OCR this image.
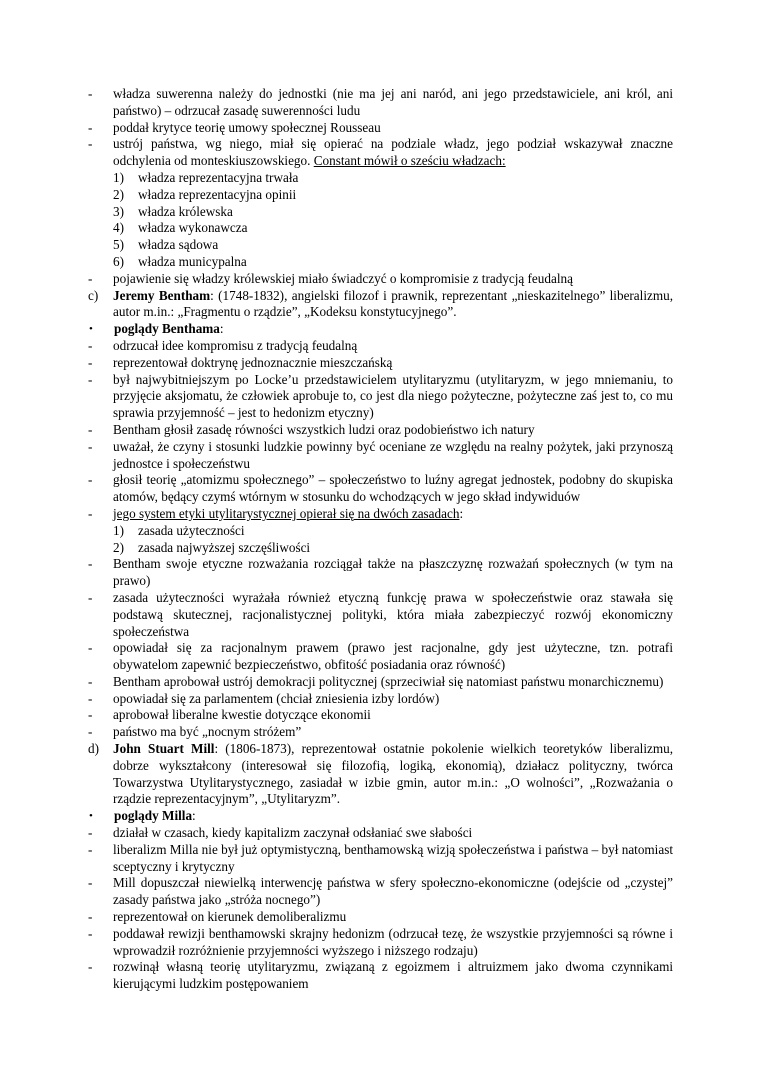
-	władza suwerenna należy do jednostki (nie ma jej ani naród, ani jego przedstawiciele, ani król, ani państwo) – odrzucał zasadę suwerenności ludu
-	poddał krytyce teorię umowy społecznej Rousseau
-	ustrój państwa, wg niego, miał się opierać na podziale władz, jego podział wskazywał znaczne odchylenia od monteskiuszowskiego. Constant mówił o sześciu władzach:
1)	władza reprezentacyjna trwała
2)	władza reprezentacyjna opinii
3)	władza królewska
4)	władza wykonawcza
5)	władza sądowa
6)	władza municypalna
-	pojawienie się władzy królewskiej miało świadczyć o kompromisie z tradycją feudalną
c)	Jeremy Bentham: (1748-1832), angielski filozof i prawnik, reprezentant „nieskazitelnego” liberalizmu, autor m.in.: „Fragmentu o rządzie”, „Kodeksu konstytucyjnego”.
•	poglądy Benthama:
-	odrzucał idee kompromisu z tradycją feudalną
-	reprezentował doktrynę jednoznacznie mieszczańską
-	był najwybitniejszym po Locke’u przedstawicielem utylitaryzmu (utylitaryzm, w jego mniemaniu, to przyjęcie aksjomatu, że człowiek aprobuje to, co jest dla niego pożyteczne, pożyteczne zaś jest to, co mu sprawia przyjemność – jest to hedonizm etyczny)
-	Bentham głosił zasadę równości wszystkich ludzi oraz podobieństwo ich natury
-	uważał, że czyny i stosunki ludzkie powinny być oceniane ze względu na realny pożytek, jaki przynoszą jednostce i społeczeństwu
-	głosił teorię „atomizmu społecznego” – społeczeństwo to luźny agregat jednostek, podobny do skupiska atomów, będący czymś wtórnym w stosunku do wchodzących w jego skład indywiduów
-	jego system etyki utylitarystycznej opierał się na dwóch zasadach:
1)	zasada użyteczności
2)	zasada najwyższej szczęśliwości
-	Bentham swoje etyczne rozważania rozciągał także na płaszczyznę rozważań społecznych (w tym na prawo)
-	zasada użyteczności wyrażała również etyczną funkcję prawa w społeczeństwie oraz stawała się podstawą skutecznej, racjonalistycznej polityki, która miała zabezpieczyć rozwój ekonomiczny społeczeństwa
-	opowiadał się za racjonalnym prawem (prawo jest racjonalne, gdy jest użyteczne, tzn. potrafi obywatelom zapewnić bezpieczeństwo, obfitość posiadania oraz równość)
-	Bentham aprobował ustrój demokracji politycznej (sprzeciwiał się natomiast państwu monarchicznemu)
-	opowiadał się za parlamentem (chciał zniesienia izby lordów)
-	aprobował liberalne kwestie dotyczące ekonomii
-	państwo ma być „nocnym stróżem”
d)	John Stuart Mill: (1806-1873), reprezentował ostatnie pokolenie wielkich teoretyków liberalizmu, dobrze wykształcony (interesował się filozofią, logiką, ekonomią), działacz polityczny, twórca Towarzystwa Utylitarystycznego, zasiadał w izbie gmin, autor m.in.: „O wolności”, „Rozważania o rządzie reprezentacyjnym”, „Utylitaryzm”.
•	poglądy Milla:
-	działał w czasach, kiedy kapitalizm zaczynał odsłaniać swe słabości
-	liberalizm Milla nie był już optymistyczną, benthamowską wizją społeczeństwa i państwa – był natomiast sceptyczny i krytyczny
-	Mill dopuszczał niewielką interwencję państwa w sfery społeczno-ekonomiczne (odejście od „czystej” zasady państwa jako „stróża nocnego”)
-	reprezentował on kierunek demoliberalizmu
-	poddawał rewizji benthamowski skrajny hedonizm (odrzucał tezę, że wszystkie przyjemności są równe i wprowadził rozróżnienie przyjemności wyższego i niższego rodzaju)
-	rozwinął własną teorię utylitaryzmu, związaną z egoizmem i altruizmem jako dwoma czynnikami kierującymi ludzkim postępowaniem
